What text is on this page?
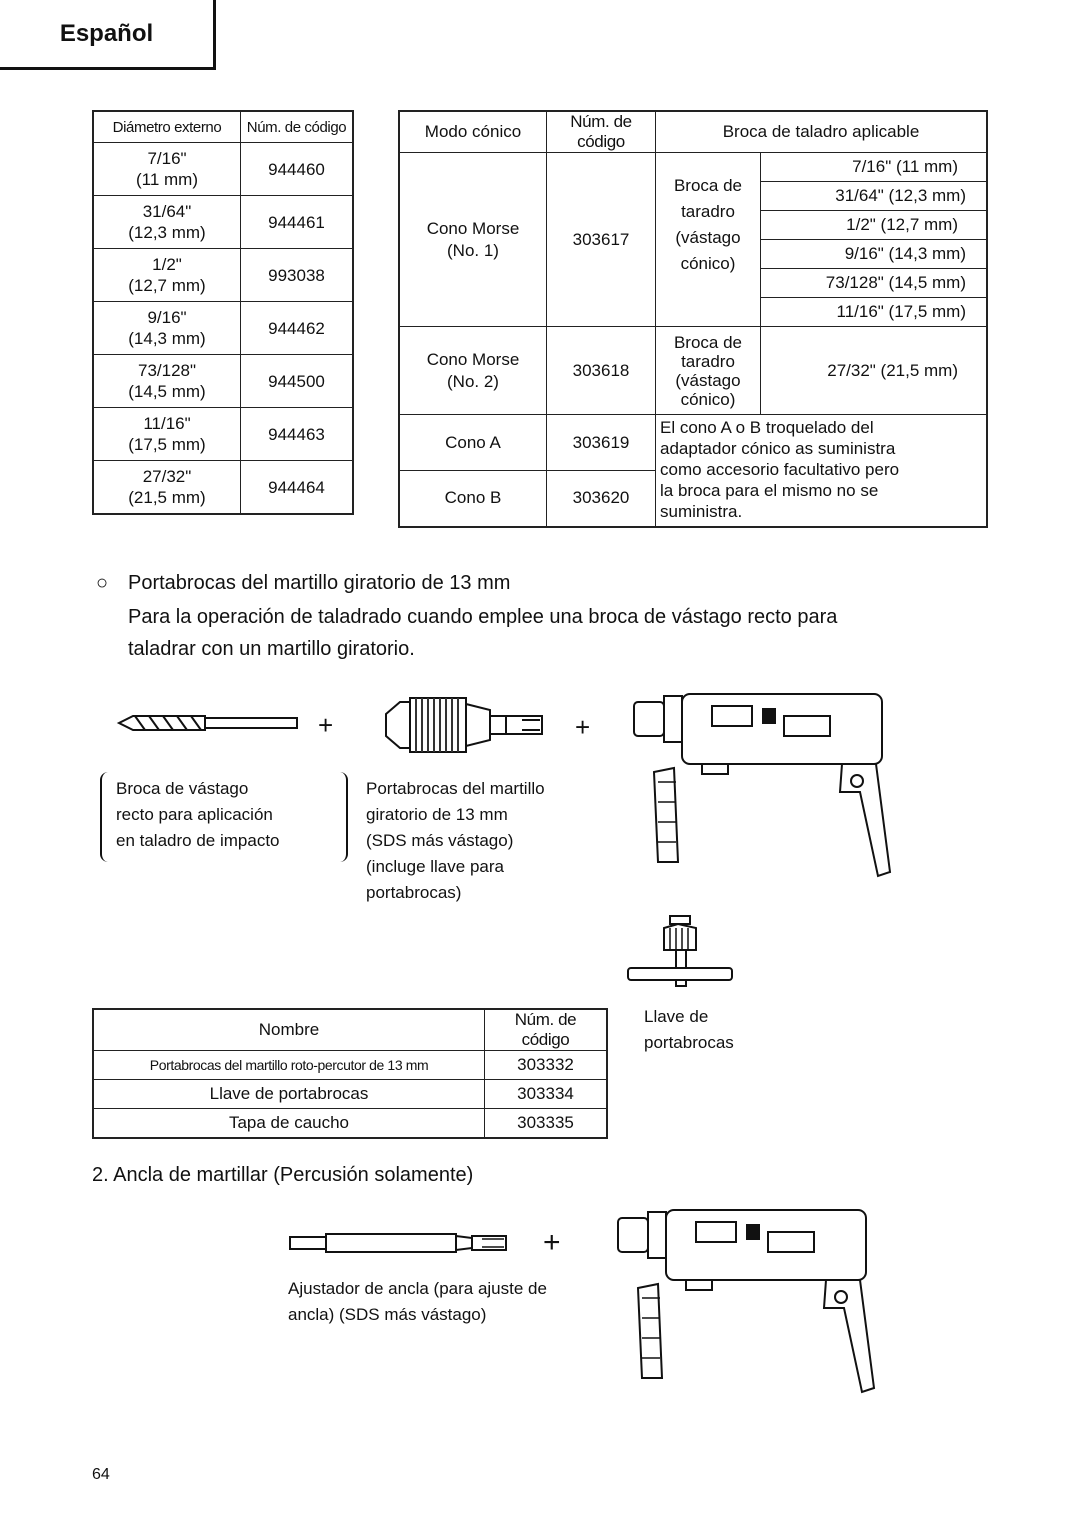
Español
Diámetro externo	Núm. de código
7/16"
(11 mm)	944460
31/64"
(12,3 mm)	944461
1/2"
(12,7 mm)	993038
9/16"
(14,3 mm)	944462
73/128"
(14,5 mm)	944500
11/16"
(17,5 mm)	944463
27/32"
(21,5 mm)	944464
Modo cónico	Núm. de código	Broca de taladro aplicable	
Cono Morse
(No. 1)	303617	Broca de
taradro
(vástago
cónico)	7/16" (11 mm)
			31/64" (12,3 mm)
			1/2" (12,7 mm)
			9/16" (14,3 mm)
			73/128" (14,5 mm)
			11/16" (17,5 mm)
Cono Morse
(No. 2)	303618	Broca de
taradro
(vástago
cónico)	27/32" (21,5 mm)
Cono A	303619	El cono A o B troquelado del
adaptador cónico as suministra
como accesorio facultativo pero
la broca para el mismo no se
suministra.	
Cono B	303620		
○ Portabrocas del martillo giratorio de 13 mm
Para la operación de taladrado cuando emplee una broca de vástago recto para
taladrar con un martillo giratorio.
+	+
Broca de vástago
recto para aplicación
en taladro de impacto
Portabrocas del martillo
giratorio de 13 mm
(SDS más vástago)
(incluge llave para
portabrocas)
Llave de
portabrocas
Nombre	Núm. de código
Portabrocas del martillo roto-percutor de 13 mm	303332
Llave de portabrocas	303334
Tapa de caucho	303335
2. Ancla de martillar (Percusión solamente)
+
Ajustador de ancla (para ajuste de
ancla) (SDS más vástago)
64
